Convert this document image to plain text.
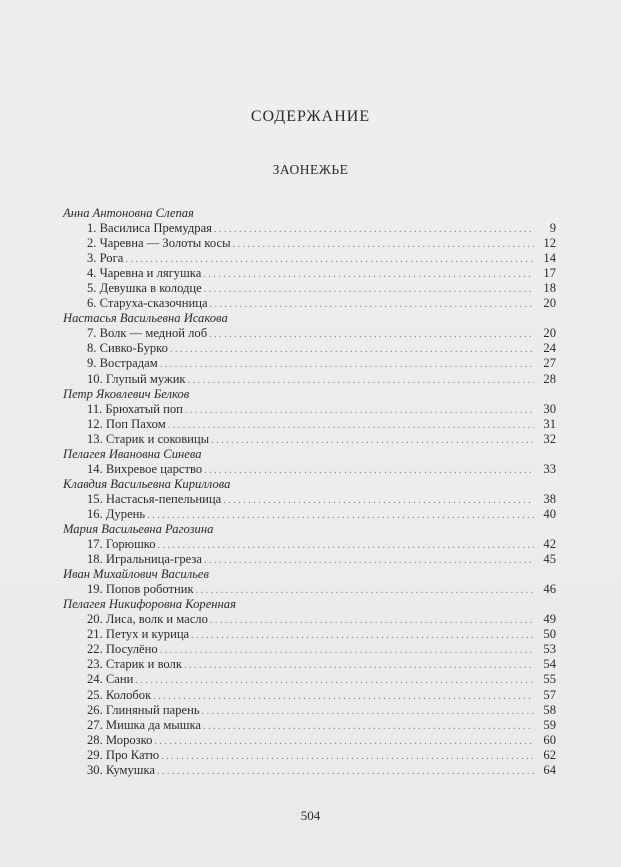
СОДЕРЖАНИЕ
ЗАОНЕЖЬЕ
Анна Антоновна Слепая
1. Василиса Премудрая . . .	9
2. Чаревна — Золоты косы . . .	12
3. Рога . . .	14
4. Чаревна и лягушка . . .	17
5. Девушка в колодце . . .	18
6. Старуха-сказочница . . .	20
Настасья Васильевна Исакова
7. Волк — медной лоб . . .	20
8. Сивко-Бурко . . .	24
9. Вострадам . . .	27
10. Глупый мужик . . .	28
Петр Яковлевич Белков
11. Брюхатый поп . . .	30
12. Поп Пахом . . .	31
13. Старик и соковицы . . .	32
Пелагея Ивановна Синева
14. Вихревое царство . . .	33
Клавдия Васильевна Кириллова
15. Настасья-пепельница . . .	38
16. Дурень . . .	40
Мария Васильевна Рагозина
17. Горюшко . . .	42
18. Игральница-греза . . .	45
Иван Михайлович Васильев
19. Попов роботник . . .	46
Пелагея Никифоровна Коренная
20. Лиса, волк и масло . . .	49
21. Петух и курица . . .	50
22. Посулёно . . .	53
23. Старик и волк . . .	54
24. Сани . . .	55
25. Колобок . . .	57
26. Глиняный парень . . .	58
27. Мишка да мышка . . .	59
28. Морозко . . .	60
29. Про Катю . . .	62
30. Кумушка . . .	64
504
